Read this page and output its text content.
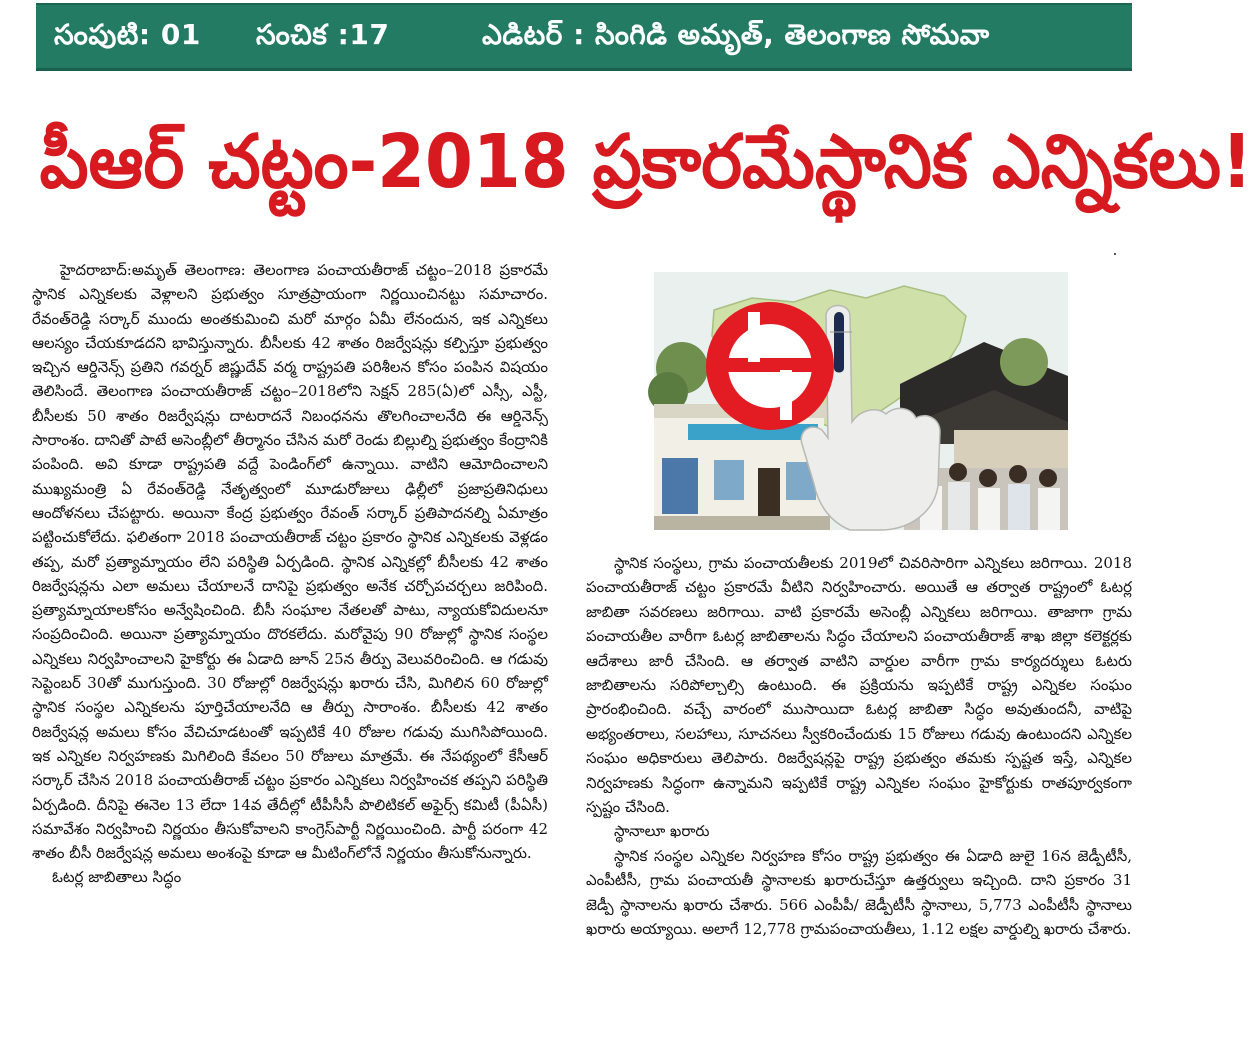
సంపుటి: 01 సంచిక :17	ఎడిటర్ : సింగిడి అమృత్, తెలంగాణ సోమవా
పీఆర్ చట్టం-2018 ప్రకారమేస్థానిక ఎన్నికలు!

హైదరాబాద్:అమృత్ తెలంగాణ: తెలంగాణ పంచాయతీరాజ్ చట్టం–2018 ప్రకారమే స్థానిక ఎన్నికలకు వెళ్లాలని ప్రభుత్వం సూత్రప్రాయంగా నిర్ణయించినట్టు సమాచారం. రేవంత్‌రెడ్డి సర్కార్ ముందు అంతకుమించి మరో మార్గం ఏమీ లేనందున, ఇక ఎన్నికలు ఆలస్యం చేయకూడదని భావిస్తున్నారు. బీసీలకు 42 శాతం రిజర్వేషన్లు కల్పిస్తూ ప్రభుత్వం ఇచ్చిన ఆర్డినెన్స్ ప్రతిని గవర్నర్ జిష్ణుదేవ్ వర్మ రాష్ట్రపతి పరిశీలన కోసం పంపిన విషయం తెలిసిందే. తెలంగాణ పంచాయతీరాజ్ చట్టం–2018లోని సెక్షన్ 285(ఏ)లో ఎస్సీ, ఎస్టీ, బీసీలకు 50 శాతం రిజర్వేషన్లు దాటరాదనే నిబంధనను తొలగించాలనేది ఈ ఆర్డినెన్స్ సారాంశం. దానితో పాటే అసెంబ్లీలో తీర్మానం చేసిన మరో రెండు బిల్లుల్ని ప్రభుత్వం కేంద్రానికి పంపింది. అవి కూడా రాష్ట్రపతి వద్దే పెండింగ్‌లో ఉన్నాయి. వాటిని ఆమోదించాలని ముఖ్యమంత్రి ఏ రేవంత్‌రెడ్డి నేతృత్వంలో మూడురోజులు ఢిల్లీలో ప్రజాప్రతినిధులు ఆందోళనలు చేపట్టారు. అయినా కేంద్ర ప్రభుత్వం రేవంత్ సర్కార్ ప్రతిపాదనల్ని ఏమాత్రం పట్టించుకోలేదు. ఫలితంగా 2018 పంచాయతీరాజ్ చట్టం ప్రకారం స్థానిక ఎన్నికలకు వెళ్లడం తప్ప, మరో ప్రత్యామ్నాయం లేని పరిస్థితి ఏర్పడింది. స్థానిక ఎన్నికల్లో బీసీలకు 42 శాతం రిజర్వేషన్లను ఎలా అమలు చేయాలనే దానిపై ప్రభుత్వం అనేక చర్చోపచర్చలు జరిపింది. ప్రత్యామ్నాయాలకోసం అన్వేషించింది. బీసీ సంఘాల నేతలతో పాటు, న్యాయకోవిదులనూ సంప్రదించింది. అయినా ప్రత్యామ్నాయం దొరకలేదు. మరోవైపు 90 రోజుల్లో స్థానిక సంస్థల ఎన్నికలు నిర్వహించాలని హైకోర్టు ఈ ఏడాది జూన్ 25న తీర్పు వెలువరించింది. ఆ గడువు సెప్టెంబర్ 30తో ముగుస్తుంది. 30 రోజుల్లో రిజర్వేషన్లు ఖరారు చేసి, మిగిలిన 60 రోజుల్లో స్థానిక సంస్థల ఎన్నికలను పూర్తిచేయాలనేది ఆ తీర్పు సారాంశం. బీసీలకు 42 శాతం రిజర్వేషన్ల అమలు కోసం వేచిచూడటంతో ఇప్పటికే 40 రోజుల గడువు ముగిసిపోయింది. ఇక ఎన్నికల నిర్వహణకు మిగిలింది కేవలం 50 రోజులు మాత్రమే. ఈ నేపథ్యంలో కేసీఆర్ సర్కార్ చేసిన 2018 పంచాయతీరాజ్ చట్టం ప్రకారం ఎన్నికలు నిర్వహించక తప్పని పరిస్థితి ఏర్పడింది. దీనిపై ఈనెల 13 లేదా 14వ తేదీల్లో టీపీసీసీ పొలిటికల్ అఫైర్స్ కమిటీ (పీఏసీ) సమావేశం నిర్వహించి నిర్ణయం తీసుకోవాలని కాంగ్రెస్‌పార్టీ నిర్ణయించింది. పార్టీ పరంగా 42 శాతం బీసీ రిజర్వేషన్ల అమలు అంశంపై కూడా ఆ మీటింగ్‌లోనే నిర్ణయం తీసుకోనున్నారు.

ఓటర్ల జాబితాలు సిద్ధం

స్థానిక సంస్థలు, గ్రామ పంచాయతీలకు 2019లో చివరిసారిగా ఎన్నికలు జరిగాయి. 2018 పంచాయతీరాజ్ చట్టం ప్రకారమే వీటిని నిర్వహించారు. అయితే ఆ తర్వాత రాష్ట్రంలో ఓటర్ల జాబితా సవరణలు జరిగాయి. వాటి ప్రకారమే అసెంబ్లీ ఎన్నికలు జరిగాయి. తాజాగా గ్రామ పంచాయతీల వారీగా ఓటర్ల జాబితాలను సిద్ధం చేయాలని పంచాయతీరాజ్ శాఖ జిల్లా కలెక్టర్లకు ఆదేశాలు జారీ చేసింది. ఆ తర్వాత వాటిని వార్డుల వారీగా గ్రామ కార్యదర్శులు ఓటరు జాబితాలను సరిపోల్చాల్సి ఉంటుంది. ఈ ప్రక్రియను ఇప్పటికే రాష్ట్ర ఎన్నికల సంఘం ప్రారంభించింది. వచ్చే వారంలో ముసాయిదా ఓటర్ల జాబితా సిద్ధం అవుతుందనీ, వాటిపై అభ్యంతరాలు, సలహాలు, సూచనలు స్వీకరించేందుకు 15 రోజులు గడువు ఉంటుందని ఎన్నికల సంఘం అధికారులు తెలిపారు. రిజర్వేషన్లపై రాష్ట్ర ప్రభుత్వం తమకు స్పష్టత ఇస్తే, ఎన్నికల నిర్వహణకు సిద్ధంగా ఉన్నామని ఇప్పటికే రాష్ట్ర ఎన్నికల సంఘం హైకోర్టుకు రాతపూర్వకంగా స్పష్టం చేసింది.

స్థానాలూ ఖరారు

స్థానిక సంస్థల ఎన్నికల నిర్వహణ కోసం రాష్ట్ర ప్రభుత్వం ఈ ఏడాది జులై 16న జెడ్పీటీసీ, ఎంపీటీసీ, గ్రామ పంచాయతీ స్థానాలకు ఖరారుచేస్తూ ఉత్తర్వులు ఇచ్చింది. దాని ప్రకారం 31 జెడ్పీ స్థానాలను ఖరారు చేశారు. 566 ఎంపీపీ/ జెడ్పీటీసీ స్థానాలు, 5,773 ఎంపీటీసీ స్థానాలు ఖరారు అయ్యాయి. అలాగే 12,778 గ్రామపంచాయతీలు, 1.12 లక్షల వార్డుల్ని ఖరారు చేశారు.
